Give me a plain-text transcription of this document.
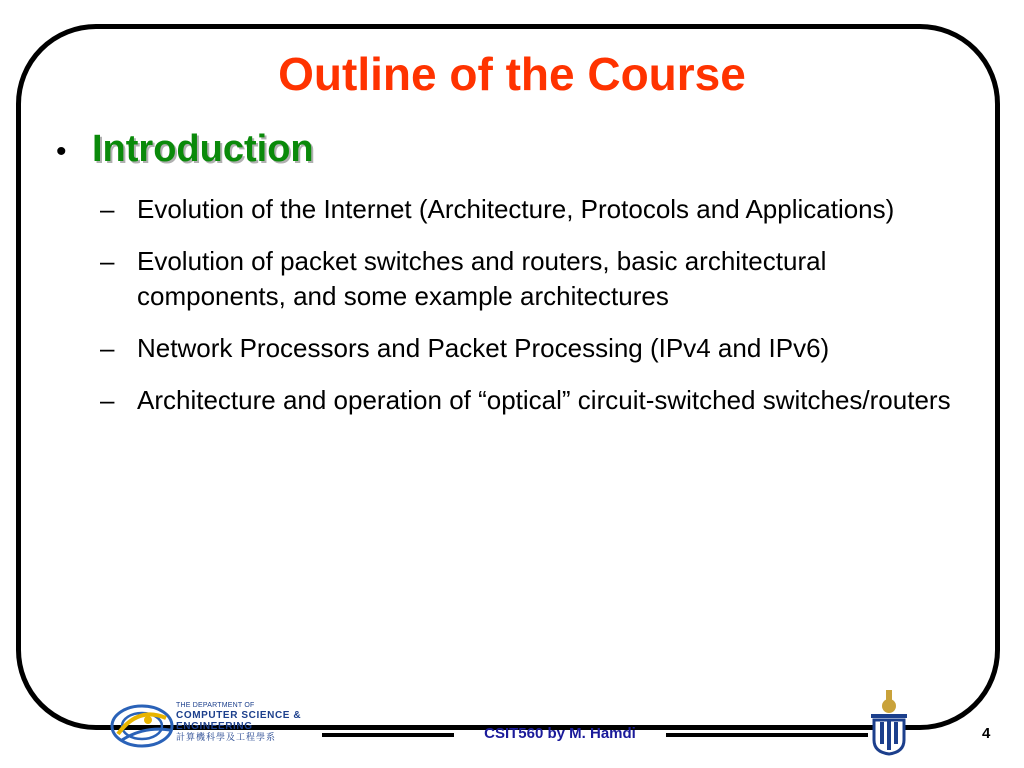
Outline of the Course
• Introduction
– Evolution of the Internet (Architecture, Protocols and Applications)
– Evolution of packet switches and routers, basic architectural components, and some example architectures
– Network Processors and Packet Processing (IPv4 and IPv6)
– Architecture and operation of “optical” circuit-switched switches/routers
THE DEPARTMENT OF
COMPUTER SCIENCE &
ENGINEERING
計算機科學及工程學系	CSIT560 by M. Hamdi	4
